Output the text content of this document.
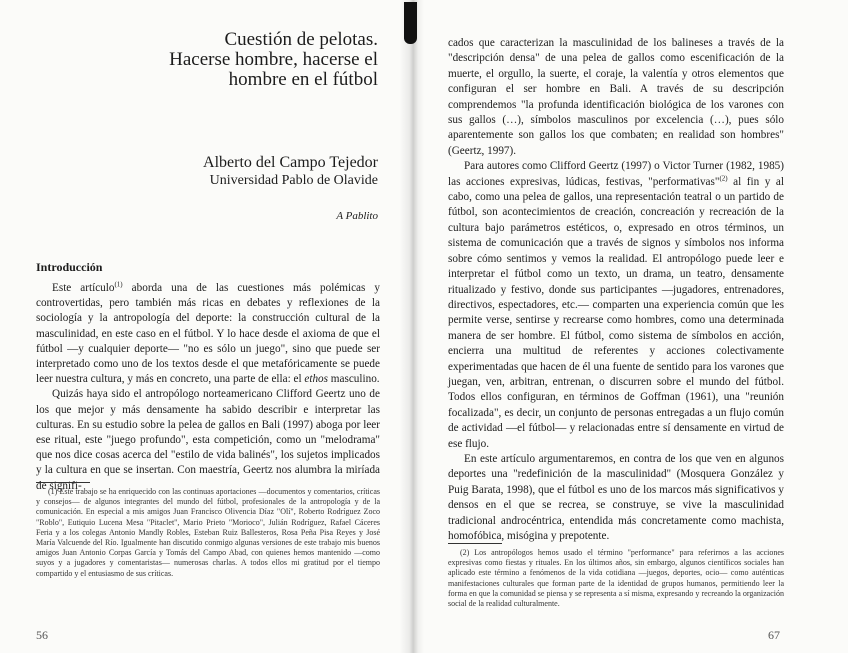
Cuestión de pelotas.
Hacerse hombre, hacerse el
hombre en el fútbol
Alberto del Campo Tejedor
Universidad Pablo de Olavide
A Pablito
Introducción

Este artículo$^{(1)}$ aborda una de las cuestiones más polémicas y controvertidas, pero también más ricas en debates y reflexiones de la sociología y la antropología del deporte: la construcción cultural de la masculinidad, en este caso en el fútbol. Y lo hace desde el axioma de que el fútbol —y cualquier deporte— "no es sólo un juego", sino que puede ser interpretado como uno de los textos desde el que metafóricamente se puede leer nuestra cultura, y más en concreto, una parte de ella: el ethos masculino.

Quizás haya sido el antropólogo norteamericano Clifford Geertz uno de los que mejor y más densamente ha sabido describir e interpretar las culturas. En su estudio sobre la pelea de gallos en Bali (1997) aboga por leer ese ritual, este "juego profundo", esta competición, como un "melodrama" que nos dice cosas acerca del "estilo de vida balinés", los sujetos implicados y la cultura en que se insertan. Con maestría, Geertz nos alumbra la miríada de signifi-

(1) Este trabajo se ha enriquecido con las continuas aportaciones —documentos y comentarios, críticas y consejos— de algunos integrantes del mundo del fútbol, profesionales de la antropología y de la comunicación. En especial a mis amigos Juan Francisco Olivencia Díaz "Olí", Roberto Rodríguez Zoco "Roblo", Eutiquio Lucena Mesa "Pitaclet", Mario Prieto "Morioco", Julián Rodríguez, Rafael Cáceres Feria y a los colegas Antonio Mandly Robles, Esteban Ruiz Ballesteros, Rosa Peña Pisa Reyes y José María Valcuende del Río. Igualmente han discutido conmigo algunas versiones de este trabajo mis buenos amigos Juan Antonio Corpas García y Tomás del Campo Abad, con quienes hemos mantenido —como suyos y a jugadores y comentaristas— numerosas charlas. A todos ellos mi gratitud por el tiempo compartido y el entusiasmo de sus críticas.

56

cados que caracterizan la masculinidad de los balineses a través de la "descripción densa" de una pelea de gallos como escenificación de la muerte, el orgullo, la suerte, el coraje, la valentía y otros elementos que configuran el ser hombre en Bali. A través de su descripción comprendemos "la profunda identificación biológica de los varones con sus gallos (…), símbolos masculinos por excelencia (…), pues sólo aparentemente son gallos los que combaten; en realidad son hombres" (Geertz, 1997).

Para autores como Clifford Geertz (1997) o Victor Turner (1982, 1985) las acciones expresivas, lúdicas, festivas, "performativas"$^{(2)}$ al fin y al cabo, como una pelea de gallos, una representación teatral o un partido de fútbol, son acontecimientos de creación, concreación y recreación de la cultura bajo parámetros estéticos, o, expresado en otros términos, un sistema de comunicación que a través de signos y símbolos nos informa sobre cómo sentimos y vemos la realidad. El antropólogo puede leer e interpretar el fútbol como un texto, un drama, un teatro, densamente ritualizado y festivo, donde sus participantes —jugadores, entrenadores, directivos, espectadores, etc.— comparten una experiencia común que les permite verse, sentirse y recrearse como hombres, como una determinada manera de ser hombre. El fútbol, como sistema de símbolos en acción, encierra una multitud de referentes y acciones colectivamente experimentadas que hacen de él una fuente de sentido para los varones que juegan, ven, arbitran, entrenan, o discurren sobre el mundo del fútbol. Todos ellos configuran, en términos de Goffman (1961), una "reunión focalizada", es decir, un conjunto de personas entregadas a un flujo común de actividad —el fútbol— y relacionadas entre sí densamente en virtud de ese flujo.

En este artículo argumentaremos, en contra de los que ven en algunos deportes una "redefinición de la masculinidad" (Mosquera González y Puig Barata, 1998), que el fútbol es uno de los marcos más significativos y densos en el que se recrea, se construye, se vive la masculinidad tradicional androcéntrica, entendida más concretamente como machista, homofóbica, misógina y prepotente.

(2) Los antropólogos hemos usado el término "performance" para referirnos a las acciones expresivas como fiestas y rituales. En los últimos años, sin embargo, algunos científicos sociales han aplicado este término a fenómenos de la vida cotidiana —juegos, deportes, ocio— como auténticas manifestaciones culturales que forman parte de la identidad de grupos humanos, permitiendo leer la forma en que la comunidad se piensa y se representa a sí misma, expresando y recreando la organización social de la realidad culturalmente.

67
